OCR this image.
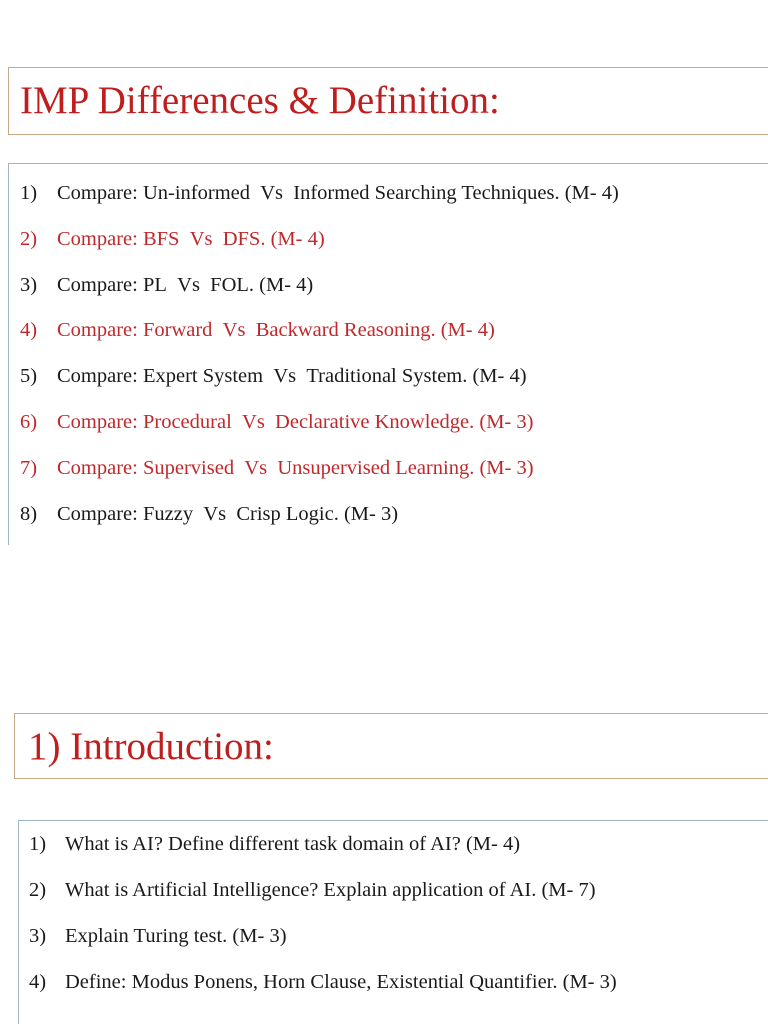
IMP Differences & Definition:
1) Compare: Un-informed  Vs  Informed Searching Techniques. (M- 4)
2) Compare: BFS  Vs  DFS. (M- 4)
3) Compare: PL  Vs  FOL. (M- 4)
4) Compare: Forward  Vs  Backward Reasoning. (M- 4)
5) Compare: Expert System  Vs  Traditional System. (M- 4)
6) Compare: Procedural  Vs  Declarative Knowledge. (M- 3)
7) Compare: Supervised  Vs  Unsupervised Learning. (M- 3)
8) Compare: Fuzzy  Vs  Crisp Logic. (M- 3)
1) Introduction:
1) What is AI? Define different task domain of AI? (M- 4)
2) What is Artificial Intelligence? Explain application of AI. (M- 7)
3) Explain Turing test. (M- 3)
4) Define: Modus Ponens, Horn Clause, Existential Quantifier. (M- 3)
